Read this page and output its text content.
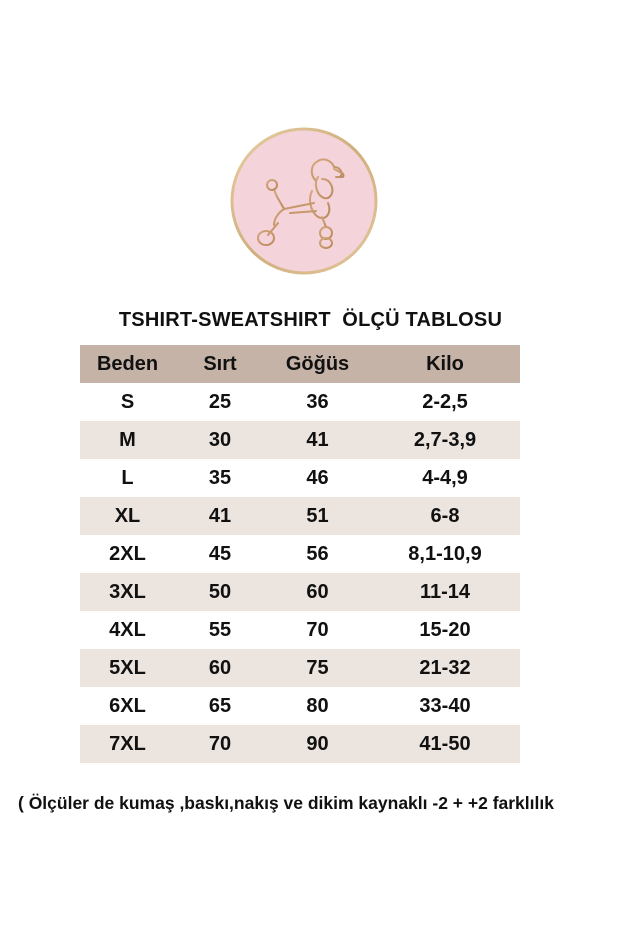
TSHIRT-SWEATSHIRT  ÖLÇÜ TABLOSU
Beden	Sırt	Göğüs	Kilo
S	25	36	2-2,5
M	30	41	2,7-3,9
L	35	46	4-4,9
XL	41	51	6-8
2XL	45	56	8,1-10,9
3XL	50	60	11-14
4XL	55	70	15-20
5XL	60	75	21-32
6XL	65	80	33-40
7XL	70	90	41-50
( Ölçüler de kumaş ,baskı,nakış ve dikim kaynaklı -2 + +2 farklılık
